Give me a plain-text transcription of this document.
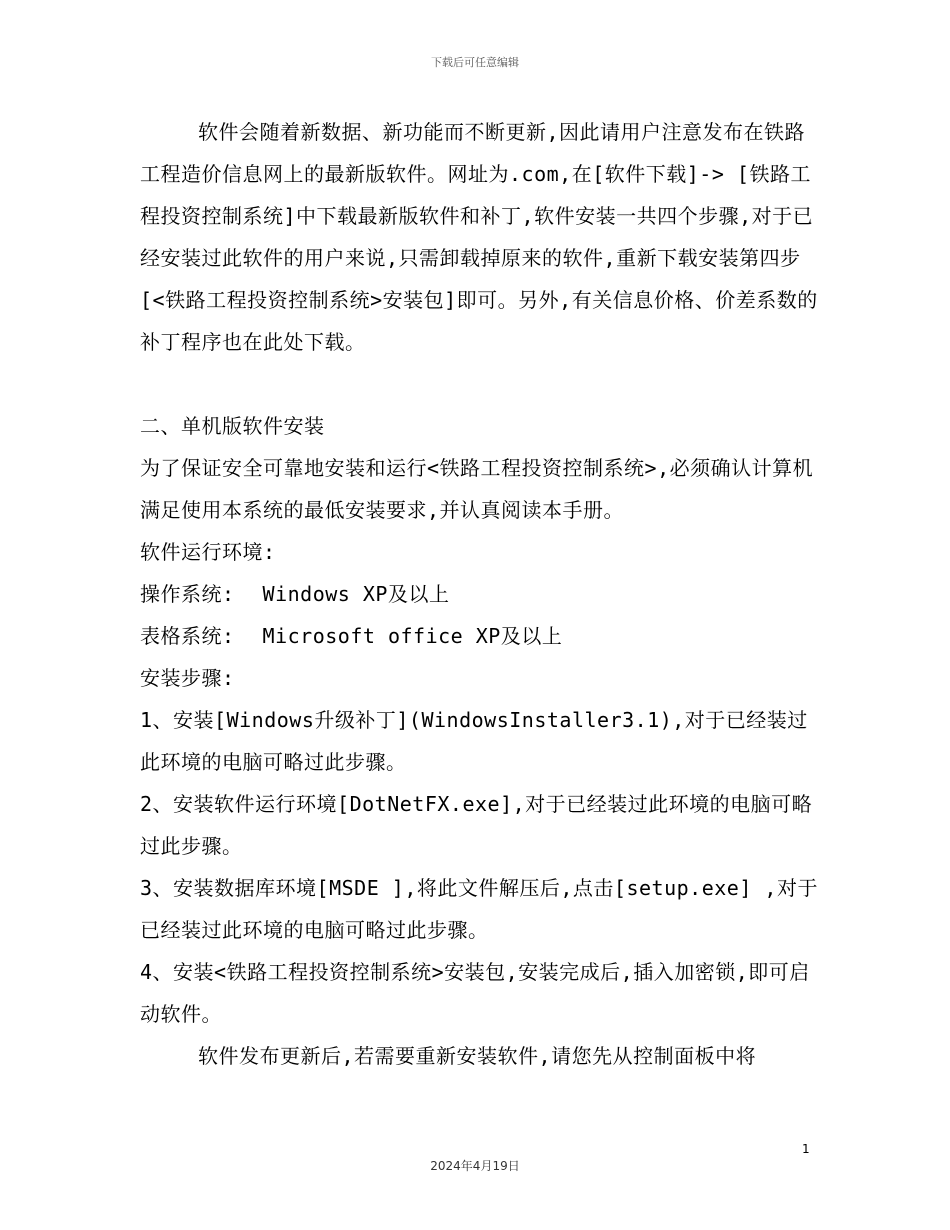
下载后可任意编辑

软件会随着新数据、新功能而不断更新,因此请用户注意发布在铁路工程造价信息网上的最新版软件。网址为.com,在[软件下载]-> [铁路工程投资控制系统]中下载最新版软件和补丁,软件安装一共四个步骤,对于已经安装过此软件的用户来说,只需卸载掉原来的软件,重新下载安装第四步[<铁路工程投资控制系统>安装包]即可。另外,有关信息价格、价差系数的补丁程序也在此处下载。

二、单机版软件安装

为了保证安全可靠地安装和运行<铁路工程投资控制系统>,必须确认计算机满足使用本系统的最低安装要求,并认真阅读本手册。

软件运行环境:

操作系统: Windows XP及以上

表格系统: Microsoft office XP及以上

安装步骤:

1、安装[Windows升级补丁](WindowsInstaller3.1),对于已经装过此环境的电脑可略过此步骤。

2、安装软件运行环境[DotNetFX.exe],对于已经装过此环境的电脑可略过此步骤。

3、安装数据库环境[MSDE ],将此文件解压后,点击[setup.exe] ,对于已经装过此环境的电脑可略过此步骤。

4、安装<铁路工程投资控制系统>安装包,安装完成后,插入加密锁,即可启动软件。

软件发布更新后,若需要重新安装软件,请您先从控制面板中将

1
2024年4月19日
